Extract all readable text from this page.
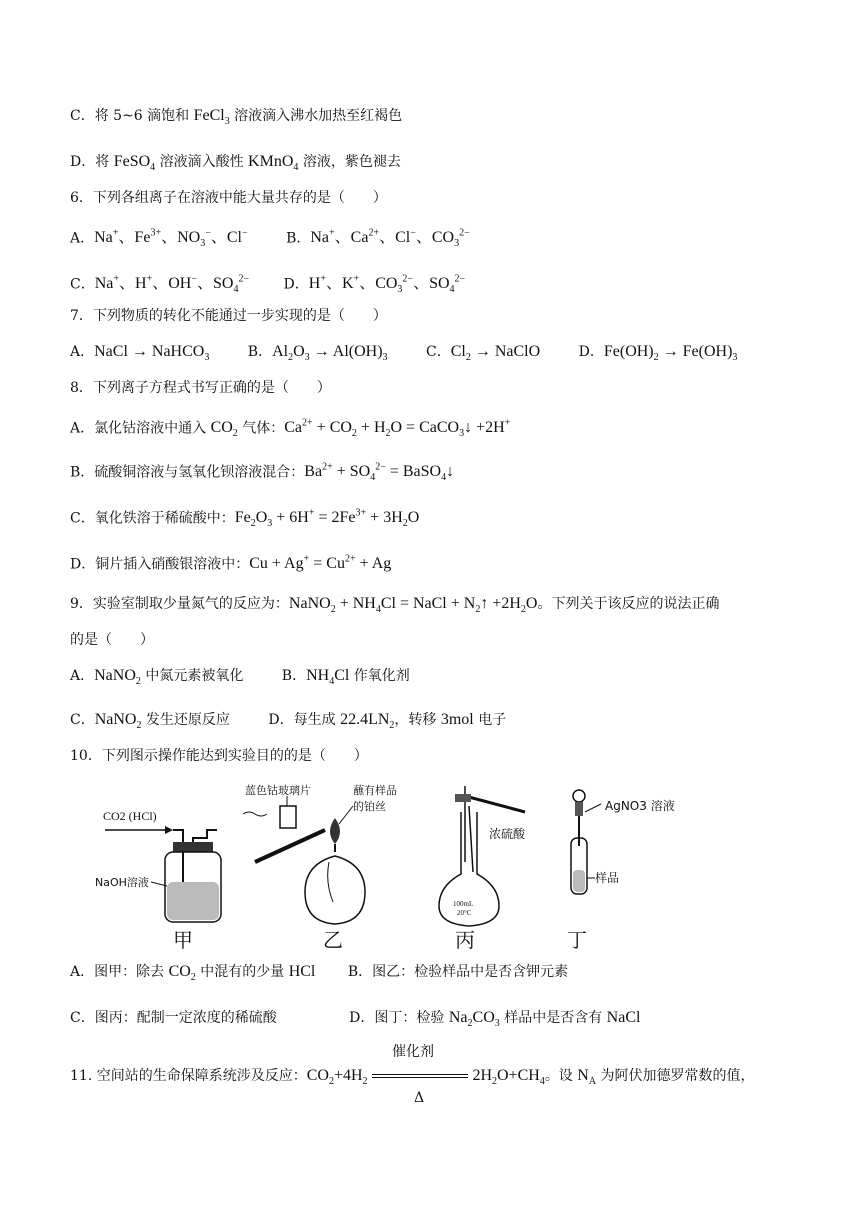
C．将 5~6 滴饱和 FeCl$_3$ 溶液滴入沸水加热至红褐色
D．将 FeSO$_4$ 溶液滴入酸性 KMnO$_4$ 溶液，紫色褪去
6．下列各组离子在溶液中能大量共存的是（　　）
A．Na+、$Fe^{3+}$、$NO_3^-$、Cl−	B．Na+、$Ca^{2+}$、Cl−、$CO_3^{2-}$
C．Na+、H+、OH−、$SO_4^{2-}$ D．H+、K+、$CO_3^{2-}$、$SO_4^{2-}$
7．下列物质的转化不能通过一步实现的是（　　）
A．NaCl → NaHCO$_3$	B．$Al_2O_3 \to Al(OH)_3$	C．$Cl_2$ → NaClO	D．$Fe(OH)_2 \to Fe(OH)_3$
8．下列离子方程式书写正确的是（　　）
A．氯化钴溶液中通入 $CO_2$ 气体：$Ca^{2+} + CO_2 + H_2O$ = CaCO$_3$↓ +2H+
B．硫酸铜溶液与氢氧化钡溶液混合：$Ba^{2+} + SO_4^{2-}$ = BaSO$_4$↓
C．氧化铁溶于稀硫酸中：$Fe_2O_3 + 6H^+ = 2Fe^{3+} + 3H_2O$
D．铜片插入硝酸银溶液中：$Cu + Ag^+ = Cu^{2+} + Ag$
9．实验室制取少量氮气的反应为：NaNO$_2$ + $NH_4Cl$ = NaCl + $N_2↑ +2H_2O$。下列关于该反应的说法正确
的是（　　）
A．NaNO$_2$ 中氮元素被氧化	B．$NH_4Cl$ 作氧化剂
C．NaNO$_2$ 发生还原反应	D．每生成 $22.4LN_2$，转移 3mol 电子
10．下列图示操作能达到实验目的的是（　　）
CO2 (HCl)
NaOH溶液
甲
蓝色钴玻璃片	蘸有样品
的铂丝
乙
浓硫酸
100mL
20°C
丙
AgNO3 溶液
样品
丁
A．图甲：除去 $CO_2$ 中混有的少量 HCl B．图乙：检验样品中是否含钾元素
C．图丙：配制一定浓度的稀硫酸	D．图丁：检验 $Na_2CO_3$ 样品中是否含有 NaCl
11. 空间站的生命保障系统涉及反应：$CO_2+4H_2$
催化剂
Δ
$2H_2O+CH_4$。设 $N_A$ 为阿伏加德罗常数的值，
